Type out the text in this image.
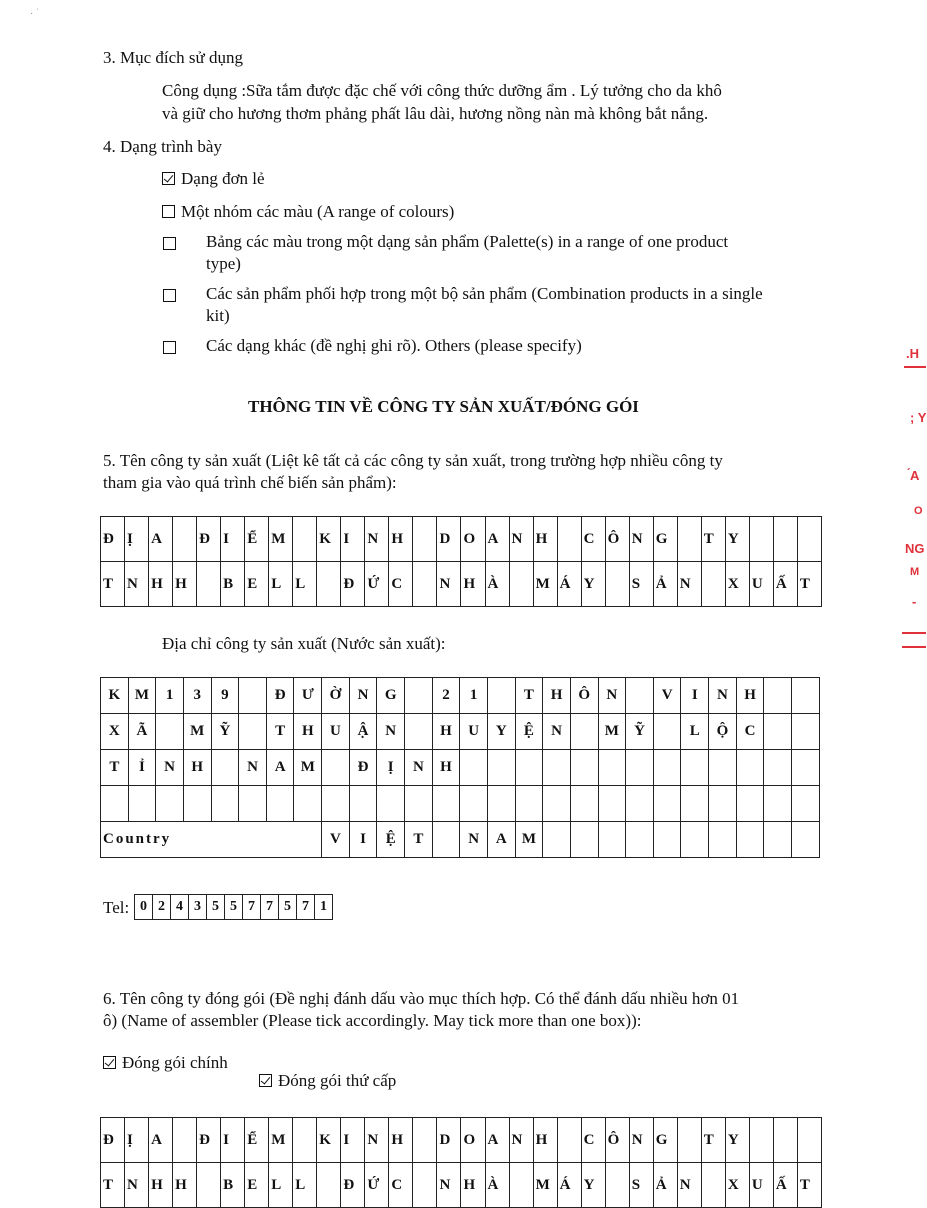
· ˙
3. Mục đích sử dụng
Công dụng :Sữa tắm được đặc chế với công thức dưỡng ẩm . Lý tưởng cho da khô
và giữ cho hương thơm phảng phất lâu dài, hương nồng nàn mà không bắt nắng.
4. Dạng trình bày
Dạng đơn lẻ
Một nhóm các màu (A range of colours)
Bảng các màu trong một dạng sản phẩm (Palette(s) in a range of one product
type)
Các sản phẩm phối hợp trong một bộ sản phẩm (Combination products in a single
kit)
Các dạng khác (đề nghị ghi rõ). Others (please specify)
THÔNG TIN VỀ CÔNG TY SẢN XUẤT/ĐÓNG GÓI
5. Tên công ty sản xuất (Liệt kê tất cả các công ty sản xuất, trong trường hợp nhiều công ty
tham gia vào quá trình chế biến sản phẩm):
Đ	Ị	A		Đ	I	Ể	M		K	I	N	H		D	O	A	N	H		C	Ô	N	G		T	Y			
T	N	H	H		B	E	L	L		Đ	Ứ	C		N	H	À		M	Á	Y		S	Ả	N		X	U	Ấ	T
Địa chỉ công ty sản xuất (Nước sản xuất):
K	M	1	3	9		Đ	Ư	Ờ	N	G		2	1		T	H	Ô	N		V	I	N	H		
X	Ã		M	Ỹ		T	H	U	Ậ	N		H	U	Y	Ệ	N		M	Ỹ		L	Ộ	C		
T	Ỉ	N	H		N	A	M		Đ	Ị	N	H													

Country								V	I	Ệ	T		N	A	M										
Tel: 0	2	4	3	5	5	7	7	5	7	1
6. Tên công ty đóng gói (Đề nghị đánh dấu vào mục thích hợp. Có thể đánh dấu nhiều hơn 01
ô) (Name of assembler (Please tick accordingly. May tick more than one box)):
Đóng gói chính
Đóng gói thứ cấp
Đ	Ị	A		Đ	I	Ể	M		K	I	N	H		D	O	A	N	H		C	Ô	N	G		T	Y			
T	N	H	H		B	E	L	L		Đ	Ứ	C		N	H	À		M	Á	Y		S	Ả	N		X	U	Ấ	T
.H
; Y
́A
O
NG
M
-
